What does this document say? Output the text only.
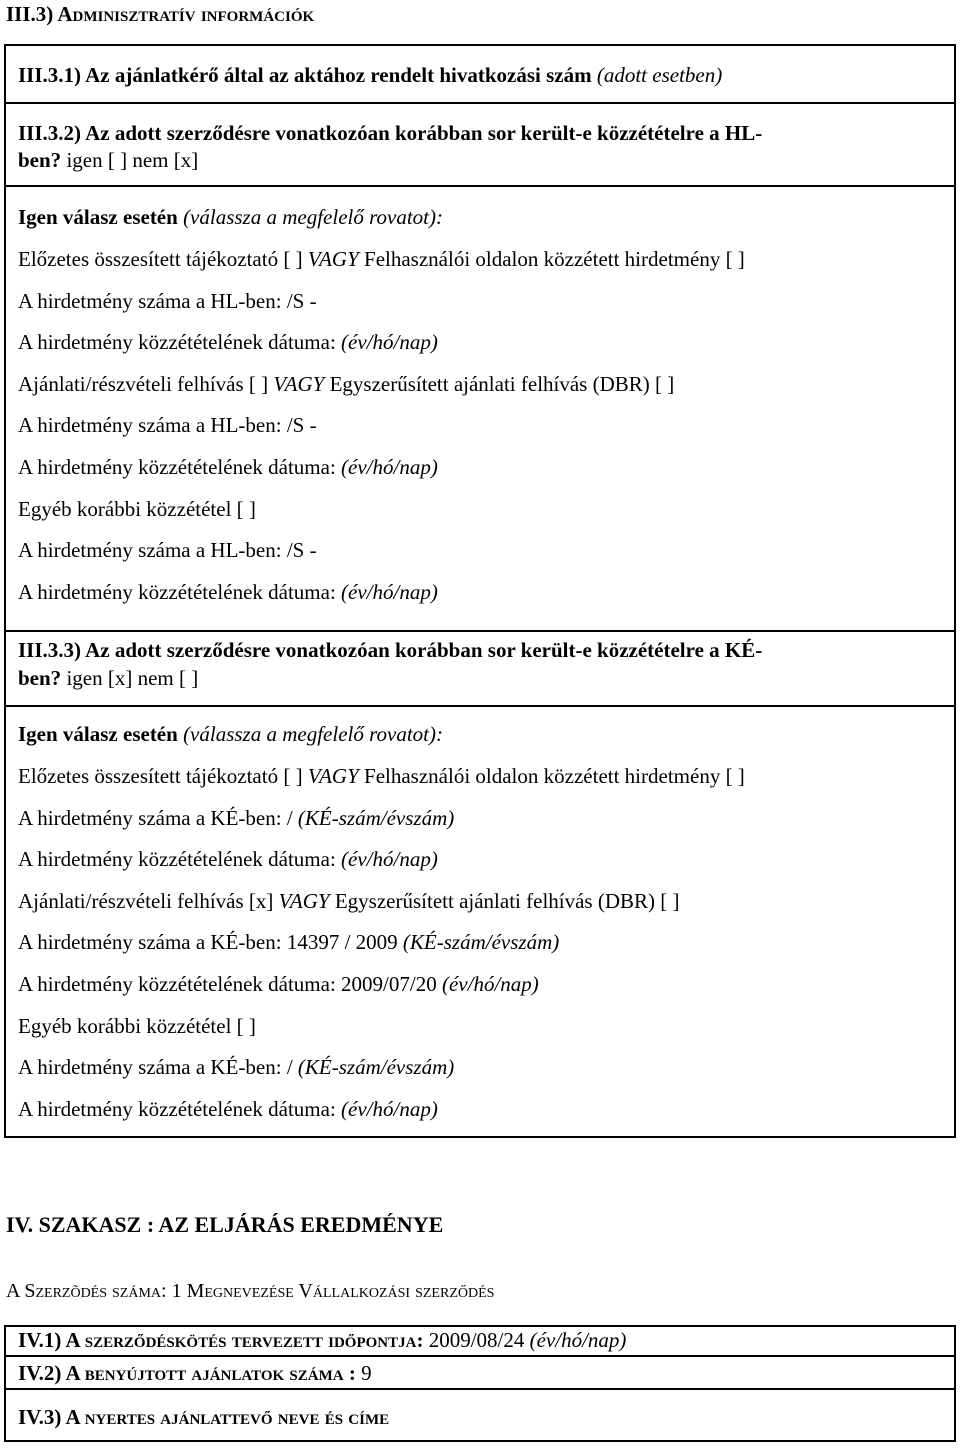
III.3) Adminisztratív információk
III.3.1) Az ajánlatkérő által az aktához rendelt hivatkozási szám (adott esetben)
III.3.2) Az adott szerződésre vonatkozóan korábban sor került-e közzétételre a HL-
ben? igen [ ] nem [x]
Igen válasz esetén (válassza a megfelelő rovatot):
Előzetes összesített tájékoztató [ ] VAGY Felhasználói oldalon közzétett hirdetmény [ ]
A hirdetmény száma a HL-ben: /S -
A hirdetmény közzétételének dátuma: (év/hó/nap)
Ajánlati/részvételi felhívás [ ] VAGY Egyszerűsített ajánlati felhívás (DBR) [ ]
A hirdetmény száma a HL-ben: /S -
A hirdetmény közzétételének dátuma: (év/hó/nap)
Egyéb korábbi közzététel [ ]
A hirdetmény száma a HL-ben: /S -
A hirdetmény közzétételének dátuma: (év/hó/nap)
III.3.3) Az adott szerződésre vonatkozóan korábban sor került-e közzétételre a KÉ-
ben? igen [x] nem [ ]
Igen válasz esetén (válassza a megfelelő rovatot):
Előzetes összesített tájékoztató [ ] VAGY Felhasználói oldalon közzétett hirdetmény [ ]
A hirdetmény száma a KÉ-ben: / (KÉ-szám/évszám)
A hirdetmény közzétételének dátuma: (év/hó/nap)
Ajánlati/részvételi felhívás [x] VAGY Egyszerűsített ajánlati felhívás (DBR) [ ]
A hirdetmény száma a KÉ-ben: 14397 / 2009 (KÉ-szám/évszám)
A hirdetmény közzétételének dátuma: 2009/07/20 (év/hó/nap)
Egyéb korábbi közzététel [ ]
A hirdetmény száma a KÉ-ben: / (KÉ-szám/évszám)
A hirdetmény közzétételének dátuma: (év/hó/nap)
IV. SZAKASZ : AZ ELJÁRÁS EREDMÉNYE
A Szerzõdés száma: 1 Megnevezése Vállalkozási szerződés
IV.1) A szerződéskötés tervezett időpontja: 2009/08/24 (év/hó/nap)
IV.2) A benyújtott ajánlatok száma : 9
IV.3) A nyertes ajánlattevő neve és címe
